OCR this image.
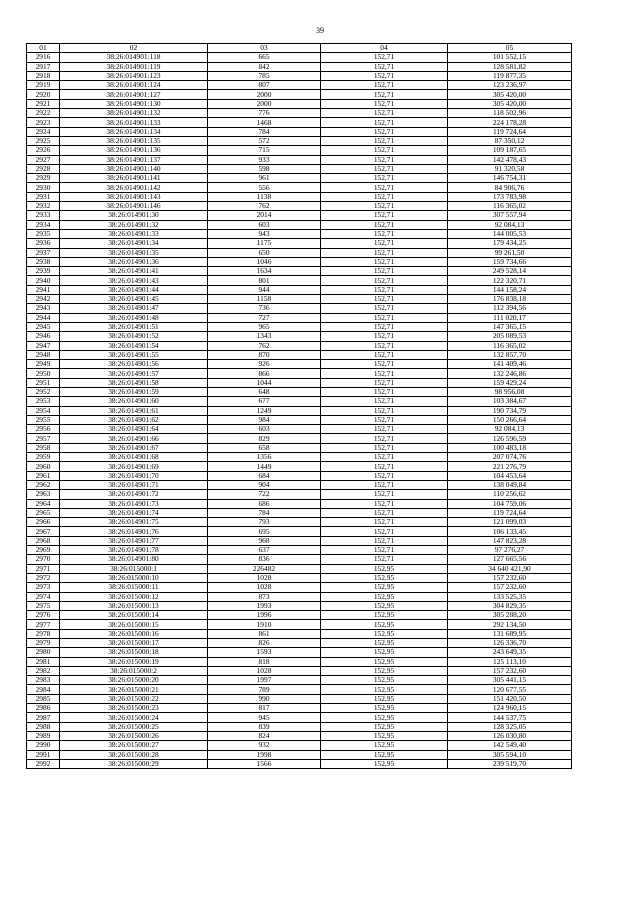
39
01	02	03	04	05
2916	38:26:014901:118	665	152,71	101 552,15
2917	38:26:014901:119	842	152,71	128 581,82
2918	38:26:014901:123	785	152,71	119 877,35
2919	38:26:014901:124	807	152,71	123 236,97
2920	38:26:014901:127	2000	152,71	305 420,00
2921	38:26:014901:130	2000	152,71	305 420,00
2922	38:26:014901:132	776	152,71	118 502,96
2923	38:26:014901:133	1468	152,71	224 178,28
2924	38:26:014901:134	784	152,71	119 724,64
2925	38:26:014901:135	572	152,71	87 350,12
2926	38:26:014901:136	715	152,71	109 187,65
2927	38:26:014901:137	933	152,71	142 478,43
2928	38:26:014901:140	598	152,71	91 320,58
2929	38:26:014901:141	961	152,71	146 754,31
2930	38:26:014901:142	556	152,71	84 906,76
2931	38:26:014901:143	1138	152,71	173 783,98
2932	38:26:014901:146	762	152,71	116 365,02
2933	38:26:014901:30	2014	152,71	307 557,94
2934	38:26:014901:32	603	152,71	92 084,13
2935	38:26:014901:33	943	152,71	144 005,53
2936	38:26:014901:34	1175	152,71	179 434,25
2937	38:26:014901:35	650	152,71	99 261,50
2938	38:26:014901:36	1046	152,71	159 734,66
2939	38:26:014901:41	1634	152,71	249 528,14
2940	38:26:014901:43	801	152,71	122 320,71
2941	38:26:014901:44	944	152,71	144 158,24
2942	38:26:014901:45	1158	152,71	176 838,18
2943	38:26:014901:47	736	152,71	112 394,56
2944	38:26:014901:48	727	152,71	111 020,17
2945	38:26:014901:51	965	152,71	147 365,15
2946	38:26:014901:52	1343	152,71	205 089,53
2947	38:26:014901:54	762	152,71	116 365,02
2948	38:26:014901:55	870	152,71	132 857,70
2949	38:26:014901:56	926	152,71	141 409,46
2950	38:26:014901:57	866	152,71	132 246,86
2951	38:26:014901:58	1044	152,71	159 429,24
2952	38:26:014901:59	648	152,71	98 956,08
2953	38:26:014901:60	677	152,71	103 384,67
2954	38:26:014901:61	1249	152,71	190 734,79
2955	38:26:014901:62	984	152,71	150 266,64
2956	38:26:014901:64	603	152,71	92 084,13
2957	38:26:014901:66	829	152,71	126 596,59
2958	38:26:014901:67	658	152,71	100 483,18
2959	38:26:014901:68	1356	152,71	207 074,76
2960	38:26:014901:69	1449	152,71	221 276,79
2961	38:26:014901:70	684	152,71	104 453,64
2962	38:26:014901:71	904	152,71	138 049,84
2963	38:26:014901:72	722	152,71	110 256,62
2964	38:26:014901:73	686	152,71	104 759,06
2965	38:26:014901:74	784	152,71	119 724,64
2966	38:26:014901:75	793	152,71	121 099,03
2967	38:26:014901:76	695	152,71	106 133,45
2968	38:26:014901:77	968	152,71	147 823,28
2969	38:26:014901:78	637	152,71	97 276,27
2970	38:26:014901:80	836	152,71	127 665,56
2971	38:26:015000:1	226482	152,95	34 640 421,90
2972	38:26:015000:10	1028	152,95	157 232,60
2973	38:26:015000:11	1028	152,95	157 232,60
2974	38:26:015000:12	873	152,95	133 525,35
2975	38:26:015000:13	1993	152,95	304 829,35
2976	38:26:015000:14	1996	152,95	305 288,20
2977	38:26:015000:15	1910	152,95	292 134,50
2978	38:26:015000:16	861	152,95	131 689,95
2979	38:26:015000:17	826	152,95	126 336,70
2980	38:26:015000:18	1593	152,95	243 649,35
2981	38:26:015000:19	818	152,95	125 113,10
2982	38:26:015000:2	1028	152,95	157 232,60
2983	38:26:015000:20	1997	152,95	305 441,15
2984	38:26:015000:21	789	152,95	120 677,55
2985	38:26:015000:22	990	152,95	151 420,50
2986	38:26:015000:23	817	152,95	124 960,15
2987	38:26:015000:24	945	152,95	144 537,75
2988	38:26:015000:25	839	152,95	128 325,05
2989	38:26:015000:26	824	152,95	126 030,80
2990	38:26:015000:27	932	152,95	142 549,40
2991	38:26:015000:28	1998	152,95	305 594,10
2992	38:26:015000:29	1566	152,95	239 519,70
